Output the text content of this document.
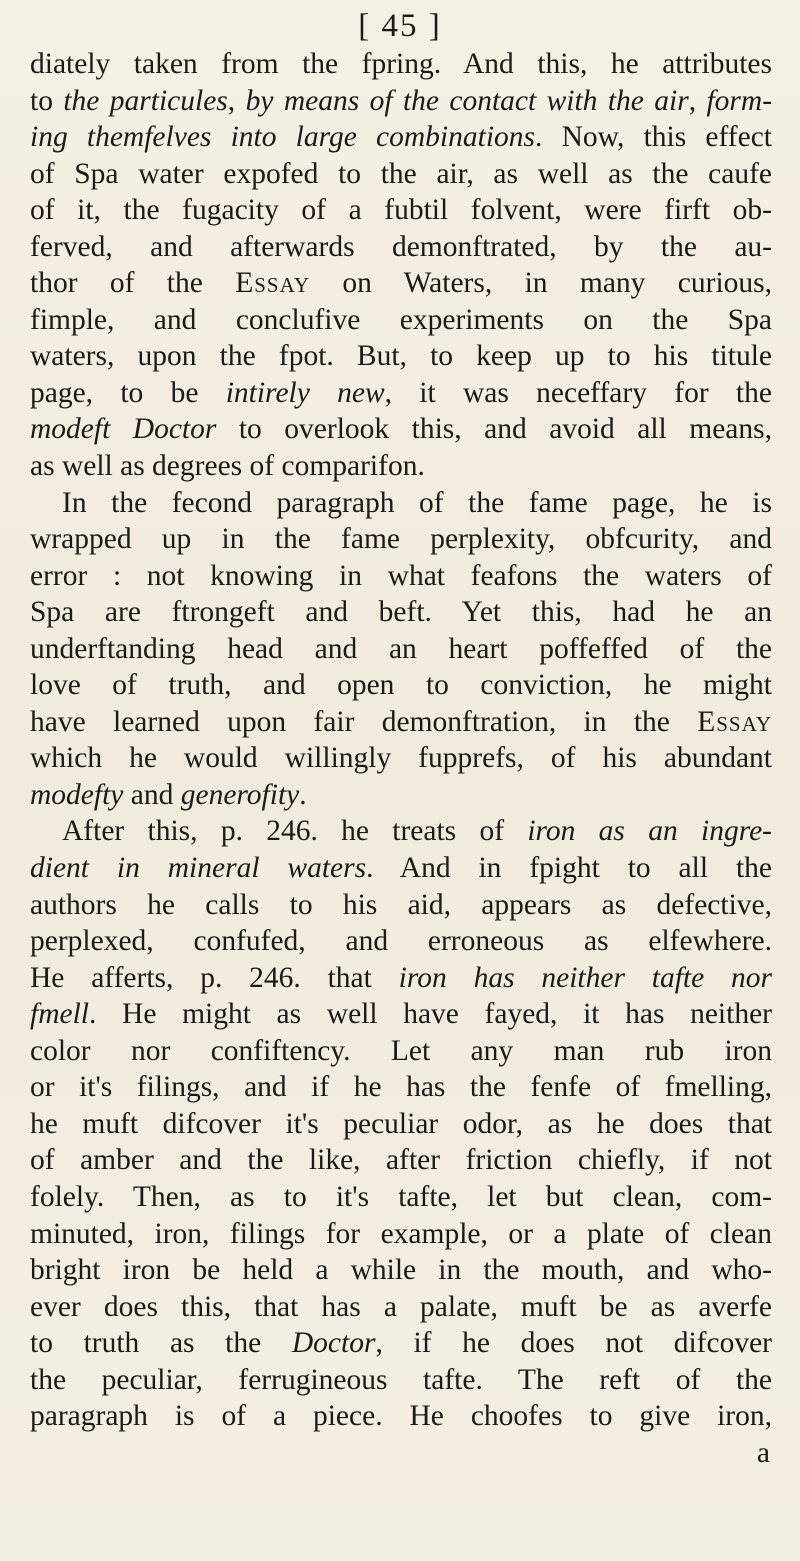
[ 45 ]
diately taken from the fpring. And this, he attributes
to the particules, by means of the contact with the air, form-
ing themfelves into large combinations. Now, this effect
of Spa water expofed to the air, as well as the caufe
of it, the fugacity of a fubtil folvent, were firft ob-
ferved, and afterwards demonftrated, by the au-
thor of the Essay on Waters, in many curious,
fimple, and conclufive experiments on the Spa
waters, upon the fpot. But, to keep up to his titule
page, to be intirely new, it was neceffary for the
modeft Doctor to overlook this, and avoid all means,
as well as degrees of comparifon.
In the fecond paragraph of the fame page, he is
wrapped up in the fame perplexity, obfcurity, and
error : not knowing in what feafons the waters of
Spa are ftrongeft and beft. Yet this, had he an
underftanding head and an heart poffeffed of the
love of truth, and open to conviction, he might
have learned upon fair demonftration, in the Essay
which he would willingly fupprefs, of his abundant
modefty and generofity.
After this, p. 246. he treats of iron as an ingre-
dient in mineral waters. And in fpight to all the
authors he calls to his aid, appears as defective,
perplexed, confufed, and erroneous as elfewhere.
He afferts, p. 246. that iron has neither tafte nor
fmell. He might as well have fayed, it has neither
color nor confiftency. Let any man rub iron
or it's filings, and if he has the fenfe of fmelling,
he muft difcover it's peculiar odor, as he does that
of amber and the like, after friction chiefly, if not
folely. Then, as to it's tafte, let but clean, com-
minuted, iron, filings for example, or a plate of clean
bright iron be held a while in the mouth, and who-
ever does this, that has a palate, muft be as averfe
to truth as the Doctor, if he does not difcover
the peculiar, ferrugineous tafte. The reft of the
paragraph is of a piece. He choofes to give iron,
a
